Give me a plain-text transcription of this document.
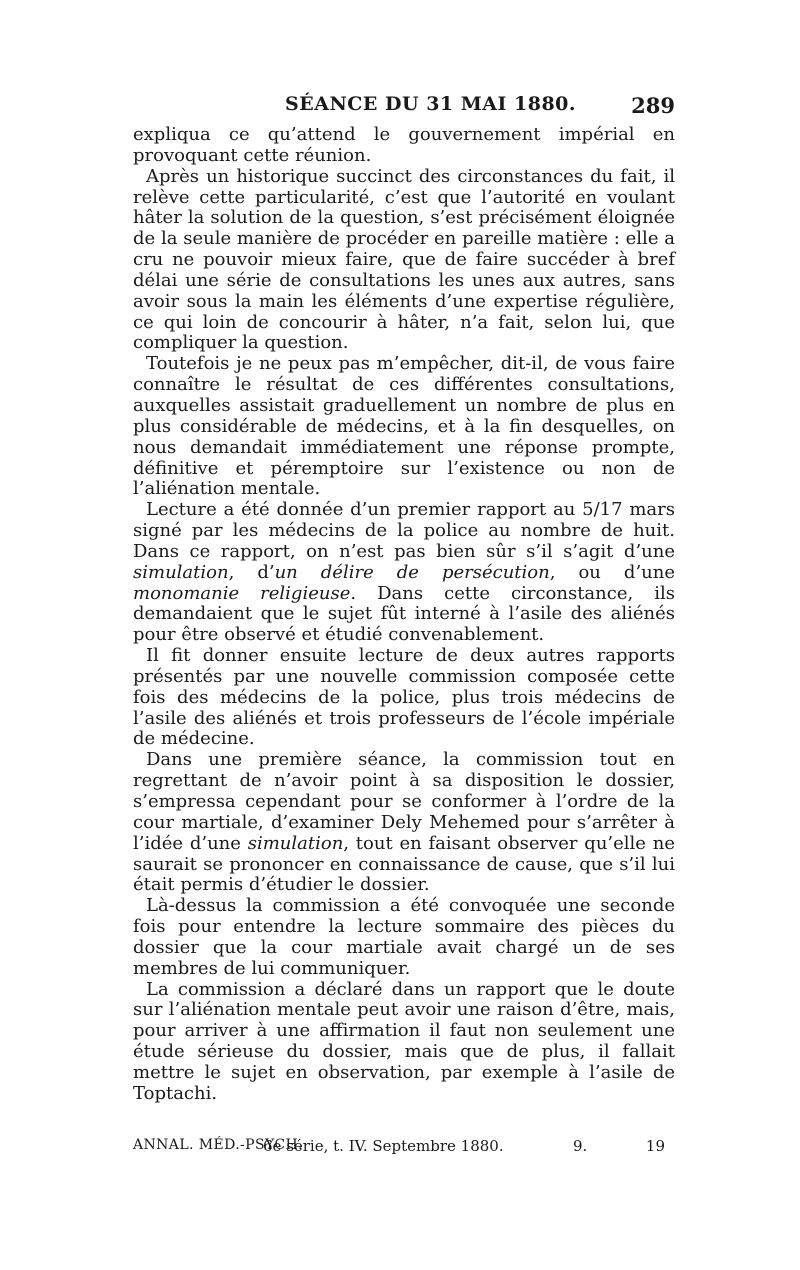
SÉANCE DU 31 MAI 1880.	289

expliqua ce qu’attend le gouvernement impérial en provoquant cette réunion.

Après un historique succinct des circonstances du fait, il relève cette particularité, c’est que l’autorité en voulant hâter la solution de la question, s’est précisément éloignée de la seule manière de procéder en pareille matière : elle a cru ne pouvoir mieux faire, que de faire succéder à bref délai une série de consultations les unes aux autres, sans avoir sous la main les éléments d’une expertise régulière, ce qui loin de concourir à hâter, n’a fait, selon lui, que compliquer la question.

Toutefois je ne peux pas m’empêcher, dit-il, de vous faire connaître le résultat de ces différentes consultations, auxquelles assistait graduellement un nombre de plus en plus considérable de médecins, et à la fin desquelles, on nous demandait immédiatement une réponse prompte, définitive et péremptoire sur l’existence ou non de l’aliénation mentale.

Lecture a été donnée d’un premier rapport au 5/17 mars signé par les médecins de la police au nombre de huit. Dans ce rapport, on n’est pas bien sûr s’il s’agit d’une simulation, d’un délire de persécution, ou d’une monomanie religieuse. Dans cette circonstance, ils demandaient que le sujet fût interné à l’asile des aliénés pour être observé et étudié convenablement.

Il fit donner ensuite lecture de deux autres rapports présentés par une nouvelle commission composée cette fois des médecins de la police, plus trois médecins de l’asile des aliénés et trois professeurs de l’école impériale de médecine.

Dans une première séance, la commission tout en regrettant de n’avoir point à sa disposition le dossier, s’empressa cependant pour se conformer à l’ordre de la cour martiale, d’examiner Dely Mehemed pour s’arrêter à l’idée d’une simulation, tout en faisant observer qu’elle ne saurait se prononcer en connaissance de cause, que s’il lui était permis d’étudier le dossier.

Là-dessus la commission a été convoquée une seconde fois pour entendre la lecture sommaire des pièces du dossier que la cour martiale avait chargé un de ses membres de lui communiquer.

La commission a déclaré dans un rapport que le doute sur l’aliénation mentale peut avoir une raison d’être, mais, pour arriver à une affirmation il faut non seulement une étude sérieuse du dossier, mais que de plus, il fallait mettre le sujet en observation, par exemple à l’asile de Toptachi.

ANNAL. MÉD.-PSYCH.
6e série, t. IV. Septembre 1880.	9.	19
